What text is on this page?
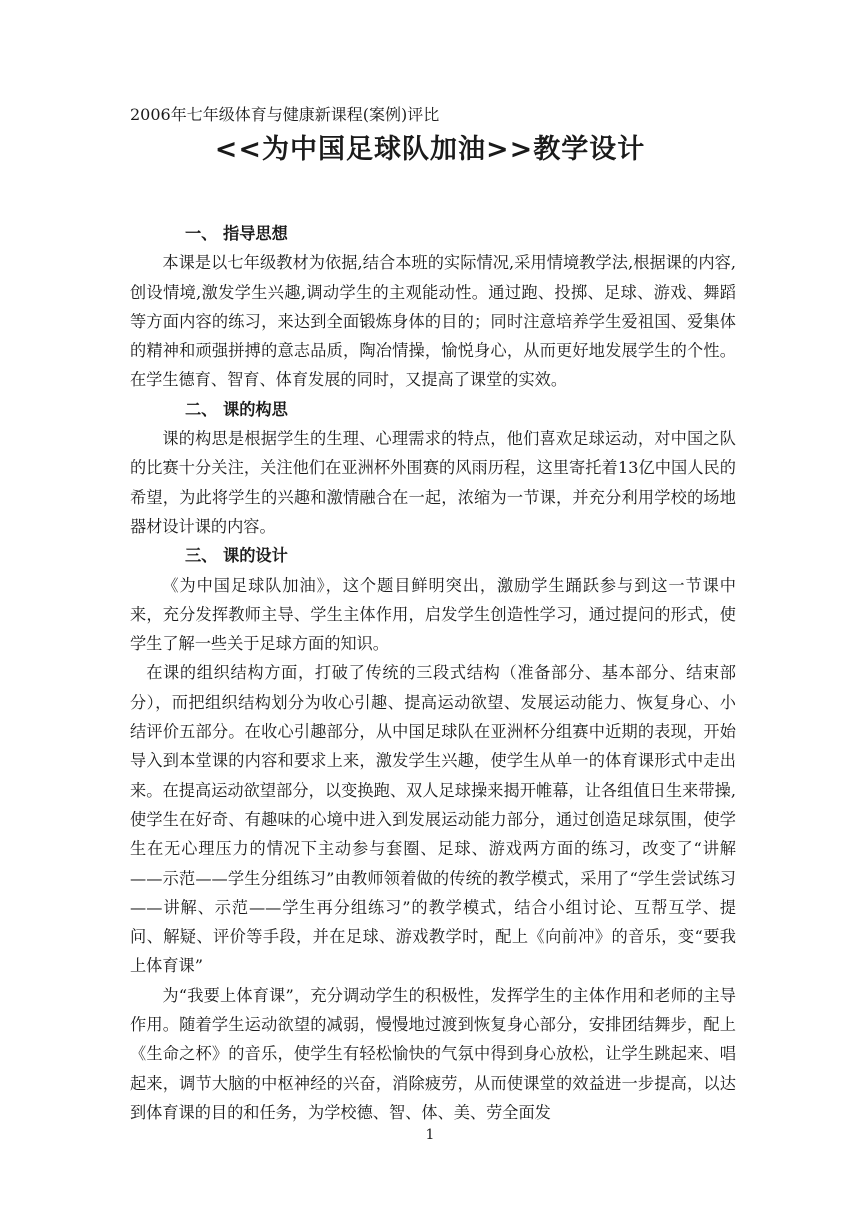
2006年七年级体育与健康新课程(案例)评比
<<为中国足球队加油>>教学设计

一、 指导思想

本课是以七年级教材为依据,结合本班的实际情况,采用情境教学法,根据课的内容,创设情境,激发学生兴趣,调动学生的主观能动性。通过跑、投掷、足球、游戏、舞蹈等方面内容的练习，来达到全面锻炼身体的目的；同时注意培养学生爱祖国、爱集体的精神和顽强拼搏的意志品质，陶冶情操，愉悦身心，从而更好地发展学生的个性。在学生德育、智育、体育发展的同时，又提高了课堂的实效。

二、 课的构思

课的构思是根据学生的生理、心理需求的特点，他们喜欢足球运动，对中国之队的比赛十分关注，关注他们在亚洲杯外围赛的风雨历程，这里寄托着13亿中国人民的希望，为此将学生的兴趣和激情融合在一起，浓缩为一节课，并充分利用学校的场地器材设计课的内容。

三、 课的设计

《为中国足球队加油》，这个题目鲜明突出，激励学生踊跃参与到这一节课中来，充分发挥教师主导、学生主体作用，启发学生创造性学习，通过提问的形式，使学生了解一些关于足球方面的知识。

在课的组织结构方面，打破了传统的三段式结构（准备部分、基本部分、结束部分），而把组织结构划分为收心引趣、提高运动欲望、发展运动能力、恢复身心、小结评价五部分。在收心引趣部分，从中国足球队在亚洲杯分组赛中近期的表现，开始导入到本堂课的内容和要求上来，激发学生兴趣，使学生从单一的体育课形式中走出来。在提高运动欲望部分，以变换跑、双人足球操来揭开帷幕，让各组值日生来带操,使学生在好奇、有趣味的心境中进入到发展运动能力部分，通过创造足球氛围，使学生在无心理压力的情况下主动参与套圈、足球、游戏两方面的练习，改变了“讲解——示范——学生分组练习”由教师领着做的传统的教学模式，采用了“学生尝试练习——讲解、示范——学生再分组练习”的教学模式，结合小组讨论、互帮互学、提问、解疑、评价等手段，并在足球、游戏教学时，配上《向前冲》的音乐，变“要我上体育课”

为“我要上体育课”，充分调动学生的积极性，发挥学生的主体作用和老师的主导作用。随着学生运动欲望的减弱，慢慢地过渡到恢复身心部分，安排团结舞步，配上《生命之杯》的音乐，使学生有轻松愉快的气氛中得到身心放松，让学生跳起来、唱起来，调节大脑的中枢神经的兴奋，消除疲劳，从而使课堂的效益进一步提高，以达到体育课的目的和任务，为学校德、智、体、美、劳全面发

1
